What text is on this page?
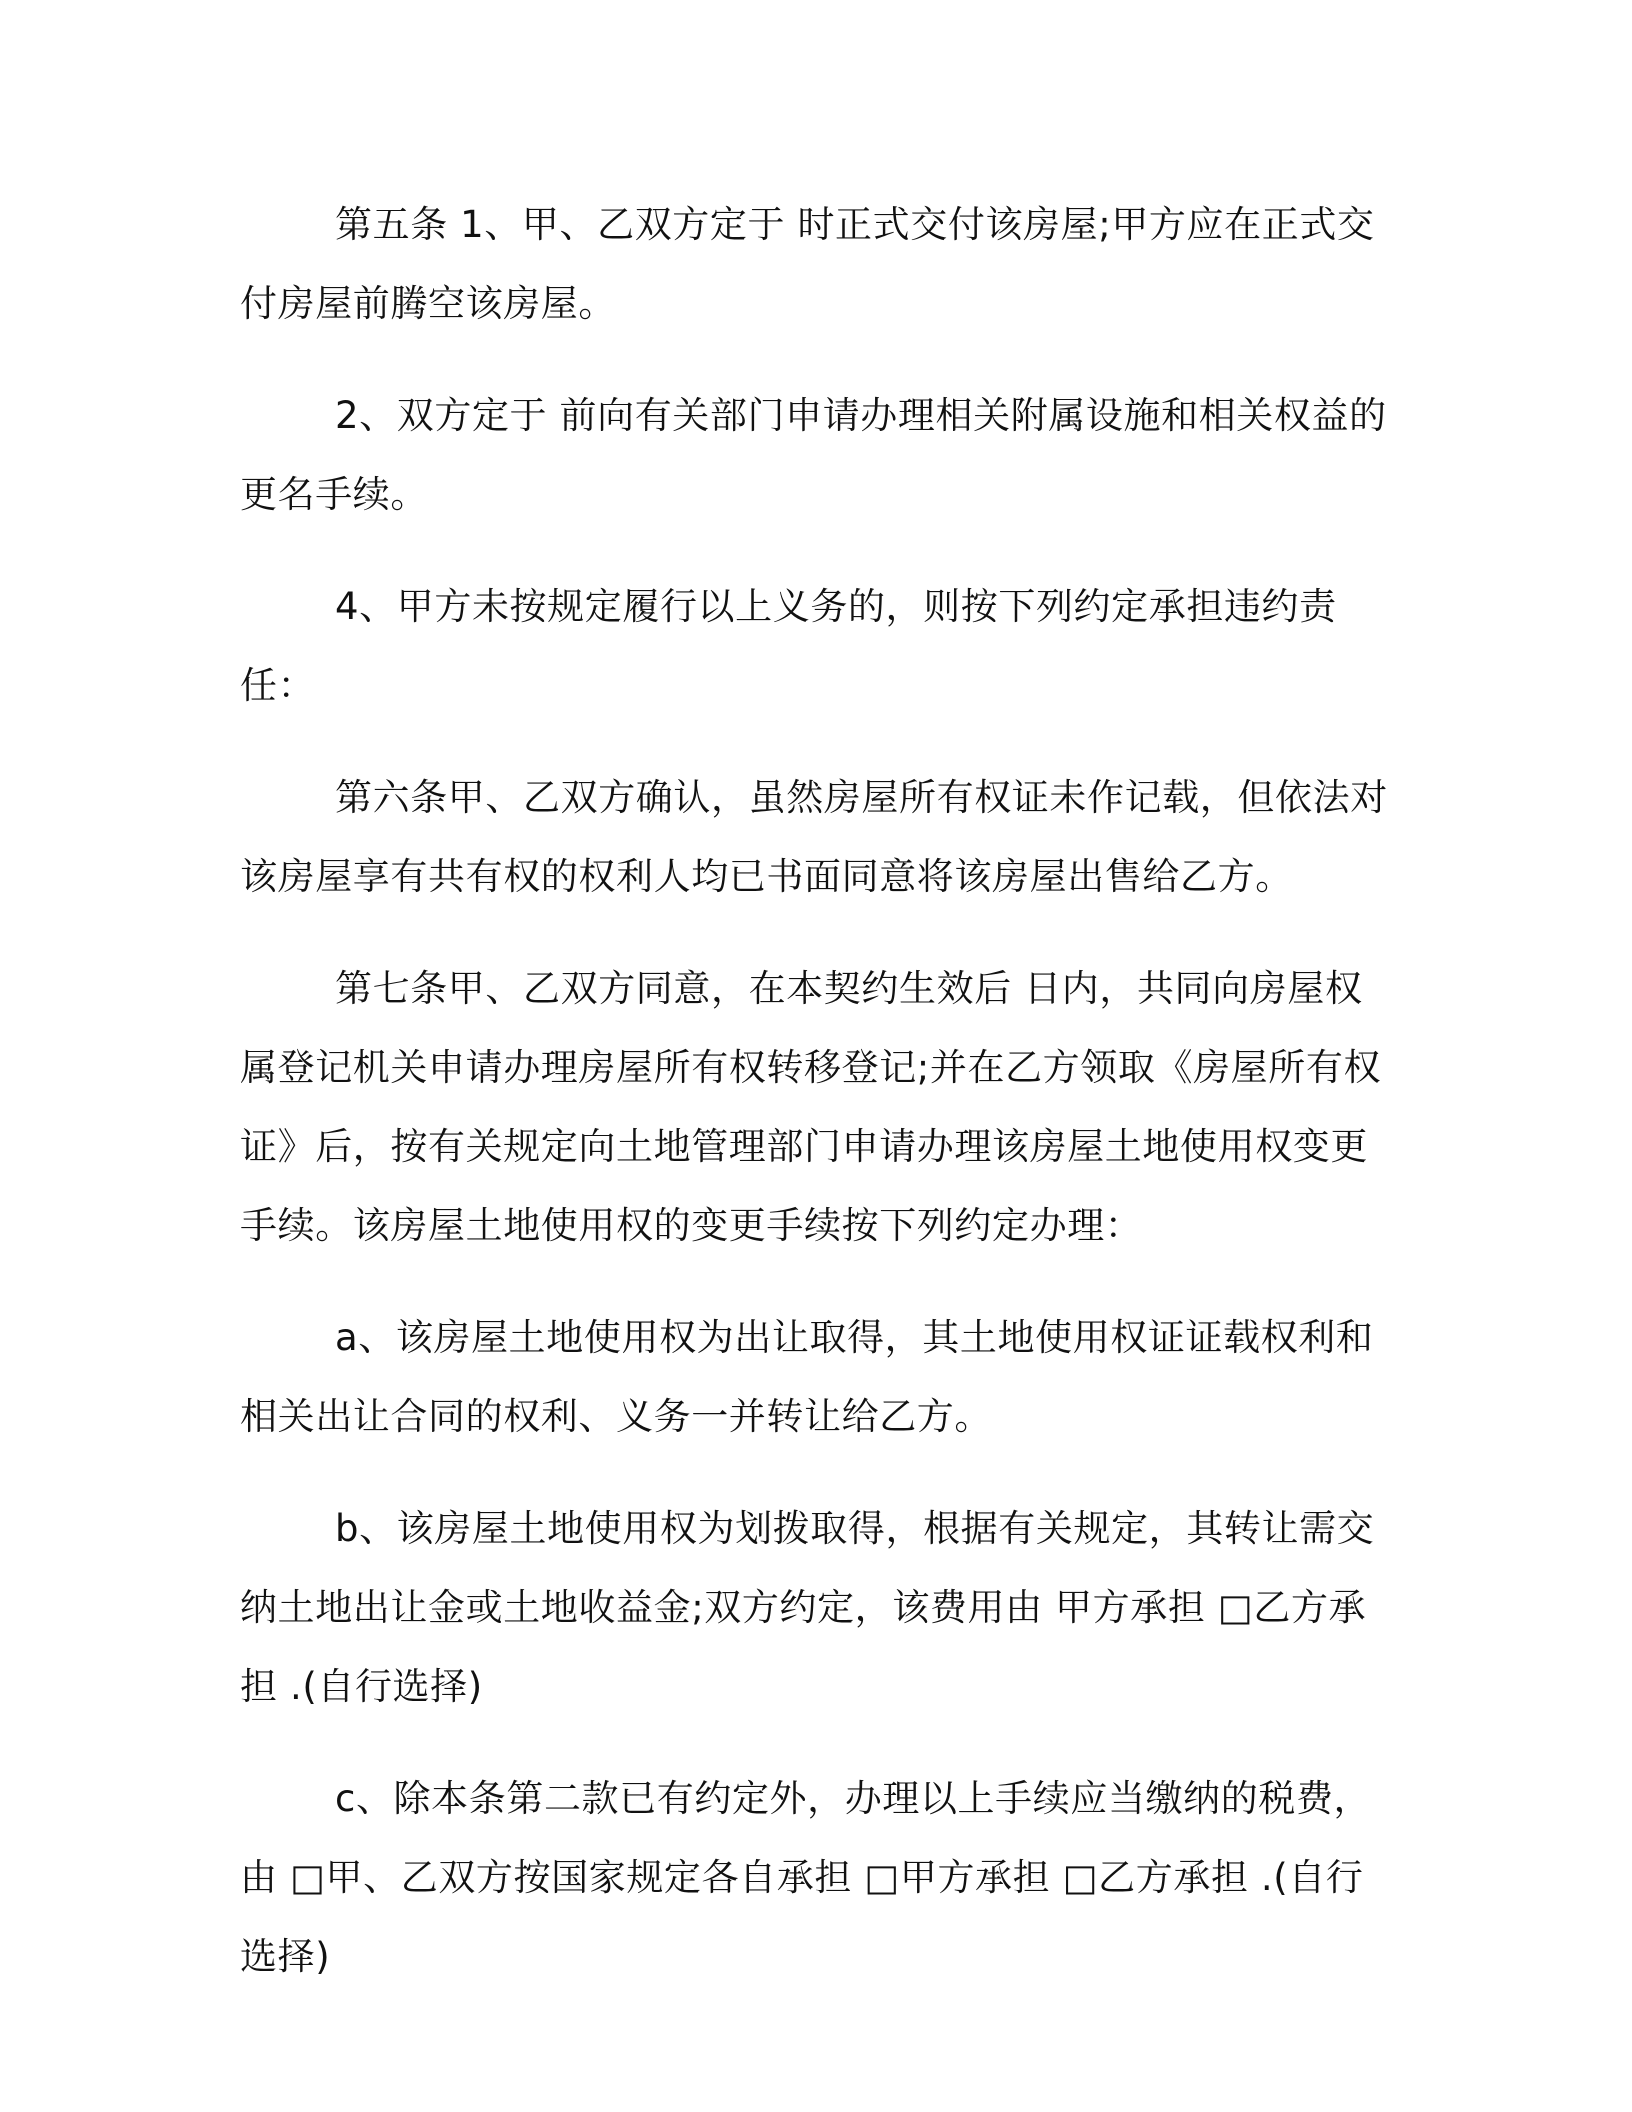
第五条 1、甲、乙双方定于 时正式交付该房屋;甲方应在正式交付房屋前腾空该房屋。

2、双方定于 前向有关部门申请办理相关附属设施和相关权益的更名手续。

4、甲方未按规定履行以上义务的，则按下列约定承担违约责任：

第六条甲、乙双方确认，虽然房屋所有权证未作记载，但依法对该房屋享有共有权的权利人均已书面同意将该房屋出售给乙方。

第七条甲、乙双方同意，在本契约生效后 日内，共同向房屋权属登记机关申请办理房屋所有权转移登记;并在乙方领取《房屋所有权证》后，按有关规定向土地管理部门申请办理该房屋土地使用权变更手续。该房屋土地使用权的变更手续按下列约定办理：

a、该房屋土地使用权为出让取得，其土地使用权证证载权利和相关出让合同的权利、义务一并转让给乙方。

b、该房屋土地使用权为划拨取得，根据有关规定，其转让需交纳土地出让金或土地收益金;双方约定，该费用由 甲方承担 □乙方承担 .(自行选择)

c、除本条第二款已有约定外，办理以上手续应当缴纳的税费，由 □甲、乙双方按国家规定各自承担 □甲方承担 □乙方承担 .(自行选择)
